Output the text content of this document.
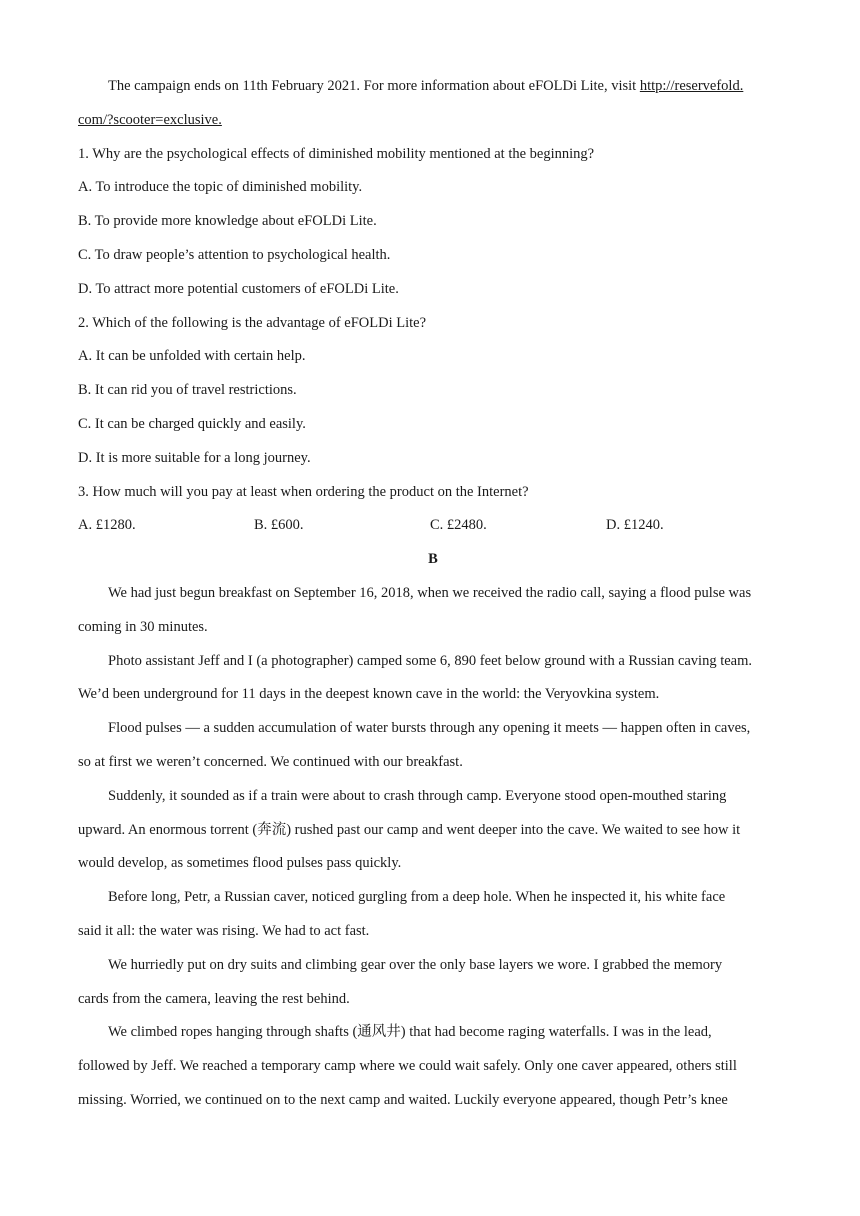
The campaign ends on 11th February 2021. For more information about eFOLDi Lite, visit http://reservefold.
com/?scooter=exclusive.
1. Why are the psychological effects of diminished mobility mentioned at the beginning?
A. To introduce the topic of diminished mobility.
B. To provide more knowledge about eFOLDi Lite.
C. To draw people’s attention to psychological health.
D. To attract more potential customers of eFOLDi Lite.
2. Which of the following is the advantage of eFOLDi Lite?
A. It can be unfolded with certain help.
B. It can rid you of travel restrictions.
C. It can be charged quickly and easily.
D. It is more suitable for a long journey.
3. How much will you pay at least when ordering the product on the Internet?
A. £1280.	B. £600.	C. £2480.	D. £1240.
B
We had just begun breakfast on September 16, 2018, when we received the radio call, saying a flood pulse was
coming in 30 minutes.
Photo assistant Jeff and I (a photographer) camped some 6, 890 feet below ground with a Russian caving team.
We’d been underground for 11 days in the deepest known cave in the world: the Veryovkina system.
Flood pulses — a sudden accumulation of water bursts through any opening it meets — happen often in caves,
so at first we weren’t concerned. We continued with our breakfast.
Suddenly, it sounded as if a train were about to crash through camp. Everyone stood open-mouthed staring
upward. An enormous torrent (奔流) rushed past our camp and went deeper into the cave. We waited to see how it
would develop, as sometimes flood pulses pass quickly.
Before long, Petr, a Russian caver, noticed gurgling from a deep hole. When he inspected it, his white face
said it all: the water was rising. We had to act fast.
We hurriedly put on dry suits and climbing gear over the only base layers we wore. I grabbed the memory
cards from the camera, leaving the rest behind.
We climbed ropes hanging through shafts (通风井) that had become raging waterfalls. I was in the lead,
followed by Jeff. We reached a temporary camp where we could wait safely. Only one caver appeared, others still
missing. Worried, we continued on to the next camp and waited. Luckily everyone appeared, though Petr’s knee
